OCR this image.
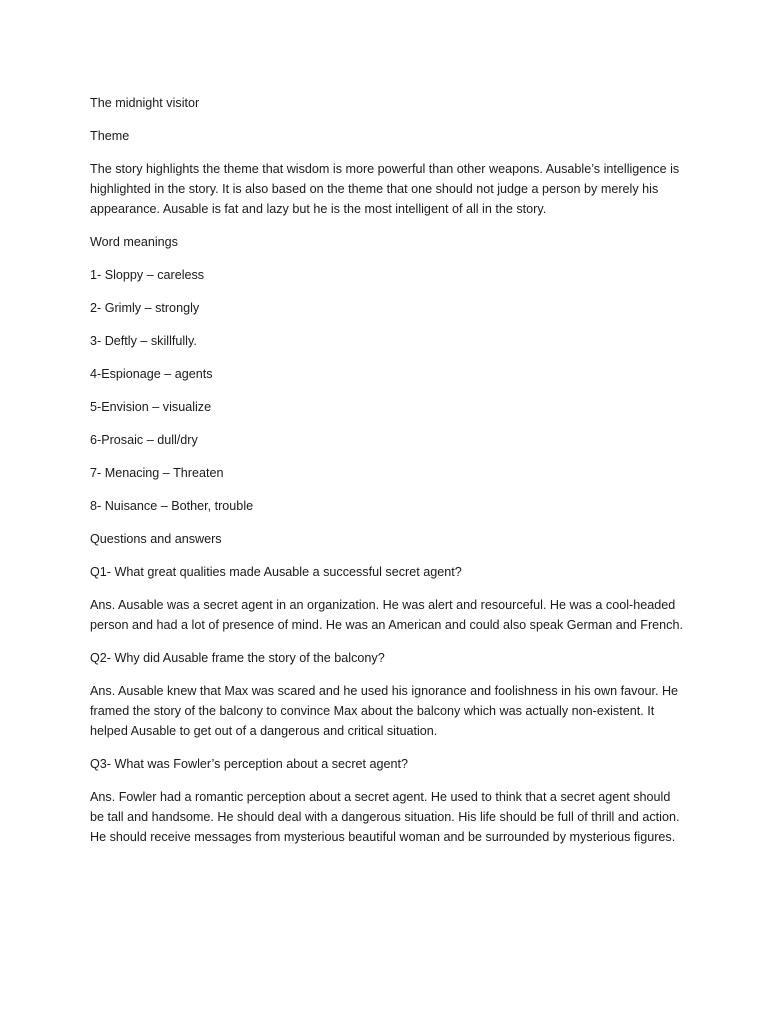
The midnight visitor

Theme

The story highlights the theme that wisdom is more powerful than other weapons. Ausable’s intelligence is highlighted in the story. It is also based on the theme that one should not judge a person by merely his appearance. Ausable is fat and lazy but he is the most intelligent of all in the story.

Word meanings

1- Sloppy – careless

2- Grimly – strongly

3- Deftly – skillfully.

4-Espionage – agents

5-Envision – visualize

6-Prosaic – dull/dry

7- Menacing – Threaten

8- Nuisance – Bother, trouble

Questions and answers

Q1- What great qualities made Ausable a successful secret agent?

Ans. Ausable was a secret agent in an organization. He was alert and resourceful. He was a cool-headed person and had a lot of presence of mind. He was an American and could also speak German and French.

Q2- Why did Ausable frame the story of the balcony?

Ans. Ausable knew that Max was scared and he used his ignorance and foolishness in his own favour. He framed the story of the balcony to convince Max about the balcony which was actually non-existent. It helped Ausable to get out of a dangerous and critical situation.

Q3- What was Fowler’s perception about a secret agent?

Ans. Fowler had a romantic perception about a secret agent. He used to think that a secret agent should be tall and handsome. He should deal with a dangerous situation. His life should be full of thrill and action. He should receive messages from mysterious beautiful woman and be surrounded by mysterious figures.
